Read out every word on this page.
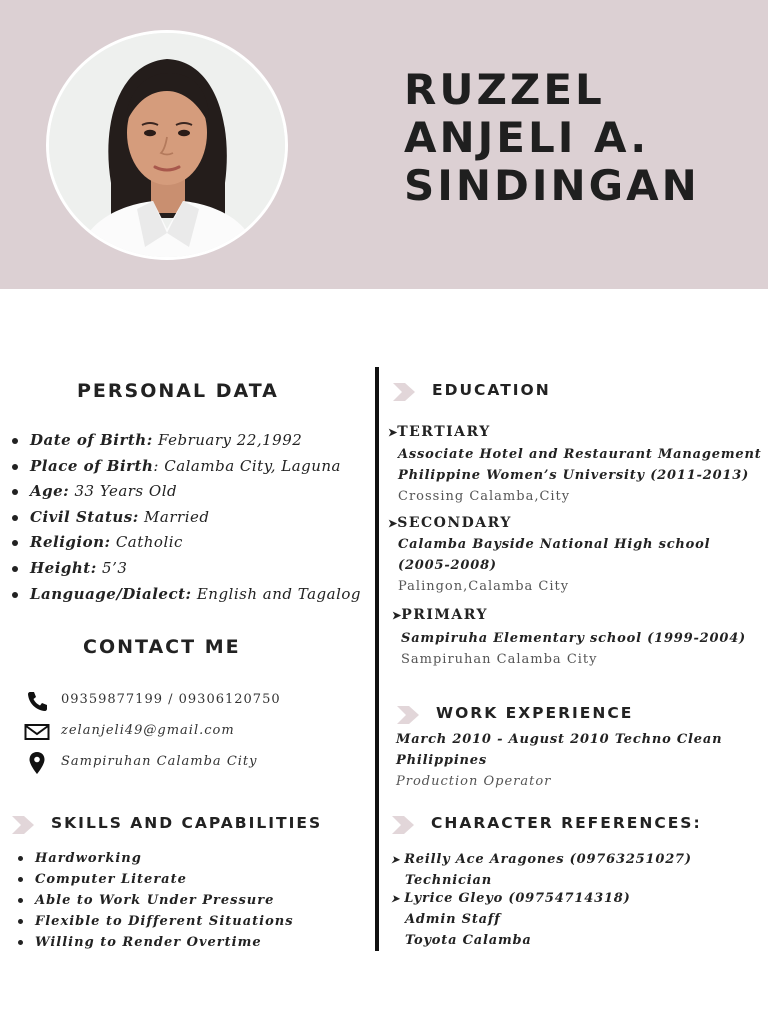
RUZZEL
ANJELI A.
SINDINGAN
PERSONAL DATA
Date of Birth: February 22,1992
Place of Birth: Calamba City, Laguna
Age: 33 Years Old
Civil Status: Married
Religion: Catholic
Height: 5’3
Language/Dialect: English and Tagalog
CONTACT ME
09359877199 / 09306120750
zelanjeli49@gmail.com
Sampiruhan Calamba City
SKILLS AND CAPABILITIES
Hardworking
Computer Literate
Able to Work Under Pressure
Flexible to Different Situations
Willing to Render Overtime
EDUCATION

➤TERTIARY

Associate Hotel and Restaurant Management

Philippine Women’s University (2011-2013)

Crossing Calamba,City

➤SECONDARY

Calamba Bayside National High school

(2005-2008)

Palingon,Calamba City

➤PRIMARY

Sampiruha Elementary school (1999-2004)

Sampiruhan Calamba City

WORK EXPERIENCE

March 2010 - August 2010 Techno Clean

Philippines

Production Operator

CHARACTER REFERENCES:

➤ Reilly Ace Aragones (09763251027)

Technician

➤ Lyrice Gleyo (09754714318)

Admin Staff

Toyota Calamba
